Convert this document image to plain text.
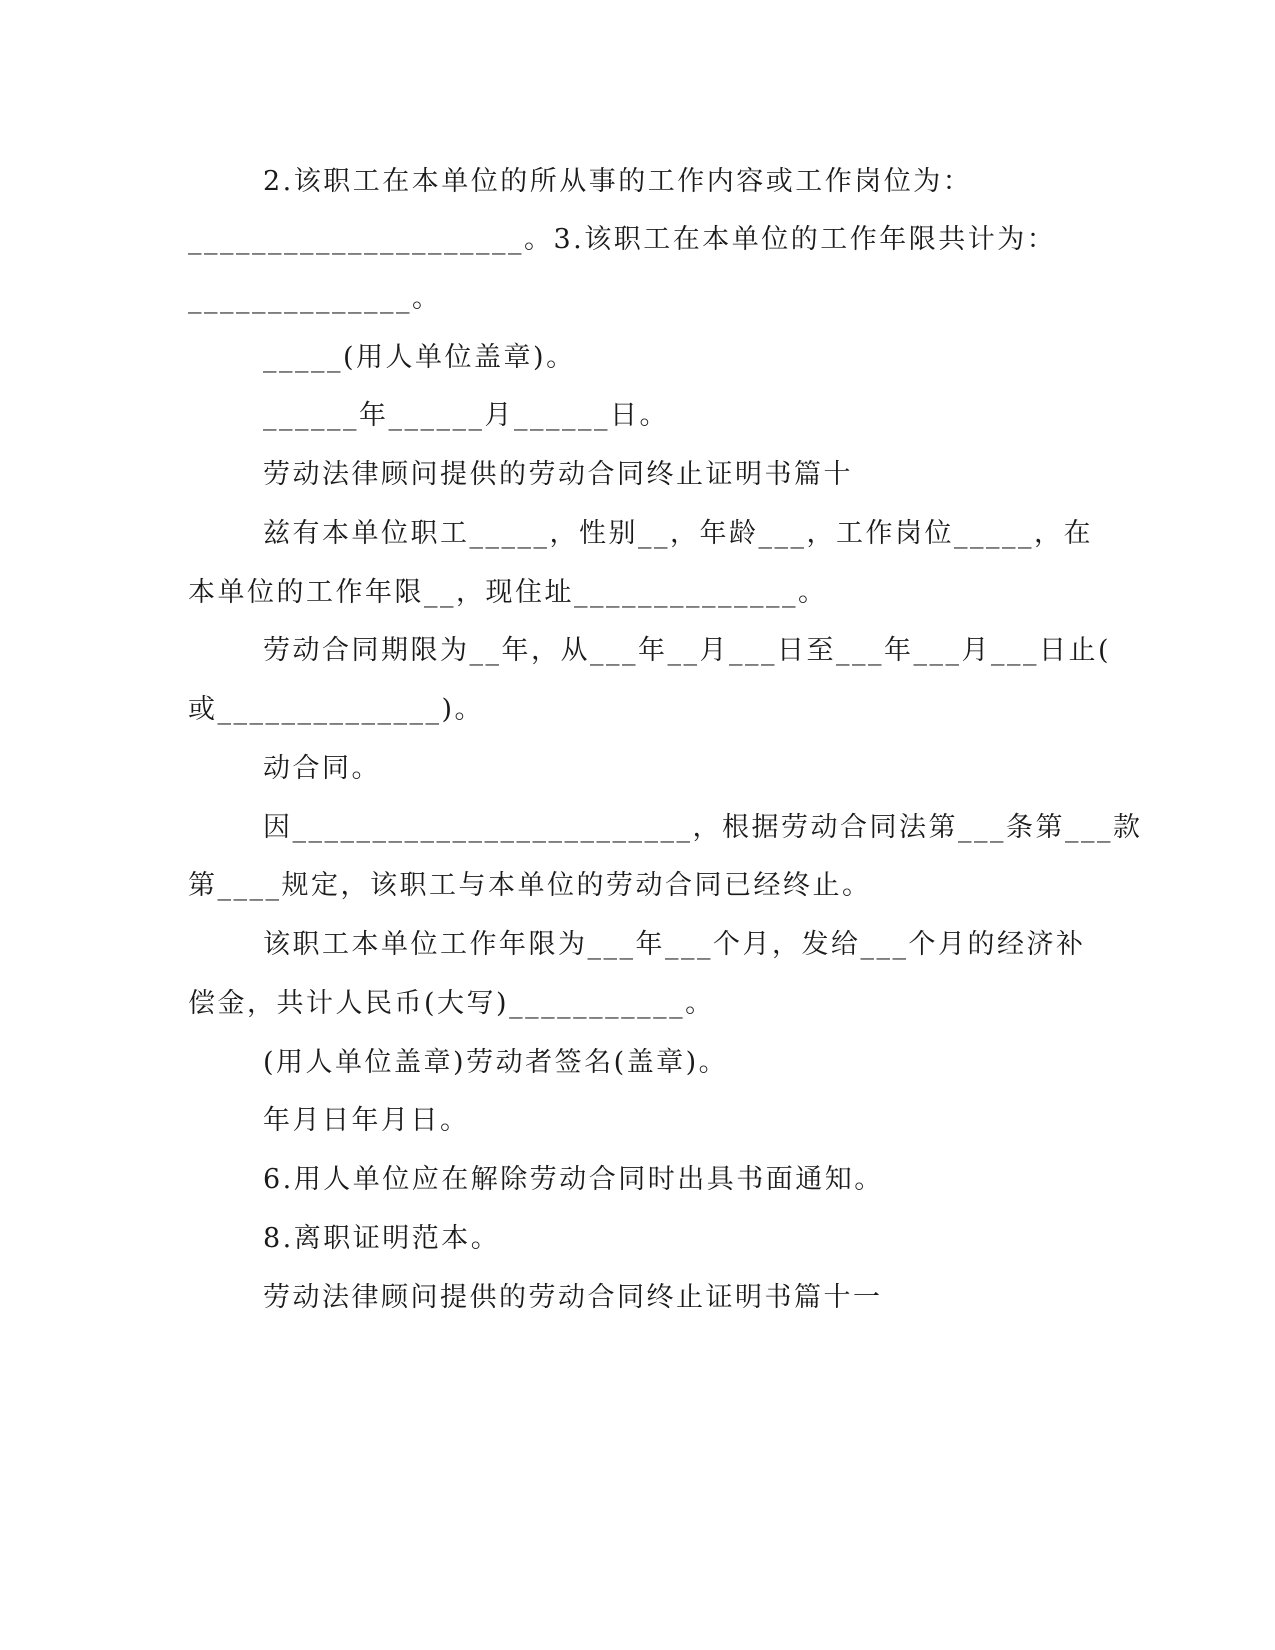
2.该职工在本单位的所从事的工作内容或工作岗位为：

_____________________。3.该职工在本单位的工作年限共计为：

______________。

_____(用人单位盖章)。

______年______月______日。

劳动法律顾问提供的劳动合同终止证明书篇十

兹有本单位职工_____，性别__，年龄___，工作岗位_____，在

本单位的工作年限__，现住址______________。

劳动合同期限为__年，从___年__月___日至___年___月___日止(

或______________)。

动合同。

因_________________________，根据劳动合同法第___条第___款

第____规定，该职工与本单位的劳动合同已经终止。

该职工本单位工作年限为___年___个月，发给___个月的经济补

偿金，共计人民币(大写)___________。

(用人单位盖章)劳动者签名(盖章)。

年月日年月日。

6.用人单位应在解除劳动合同时出具书面通知。

8.离职证明范本。

劳动法律顾问提供的劳动合同终止证明书篇十一
